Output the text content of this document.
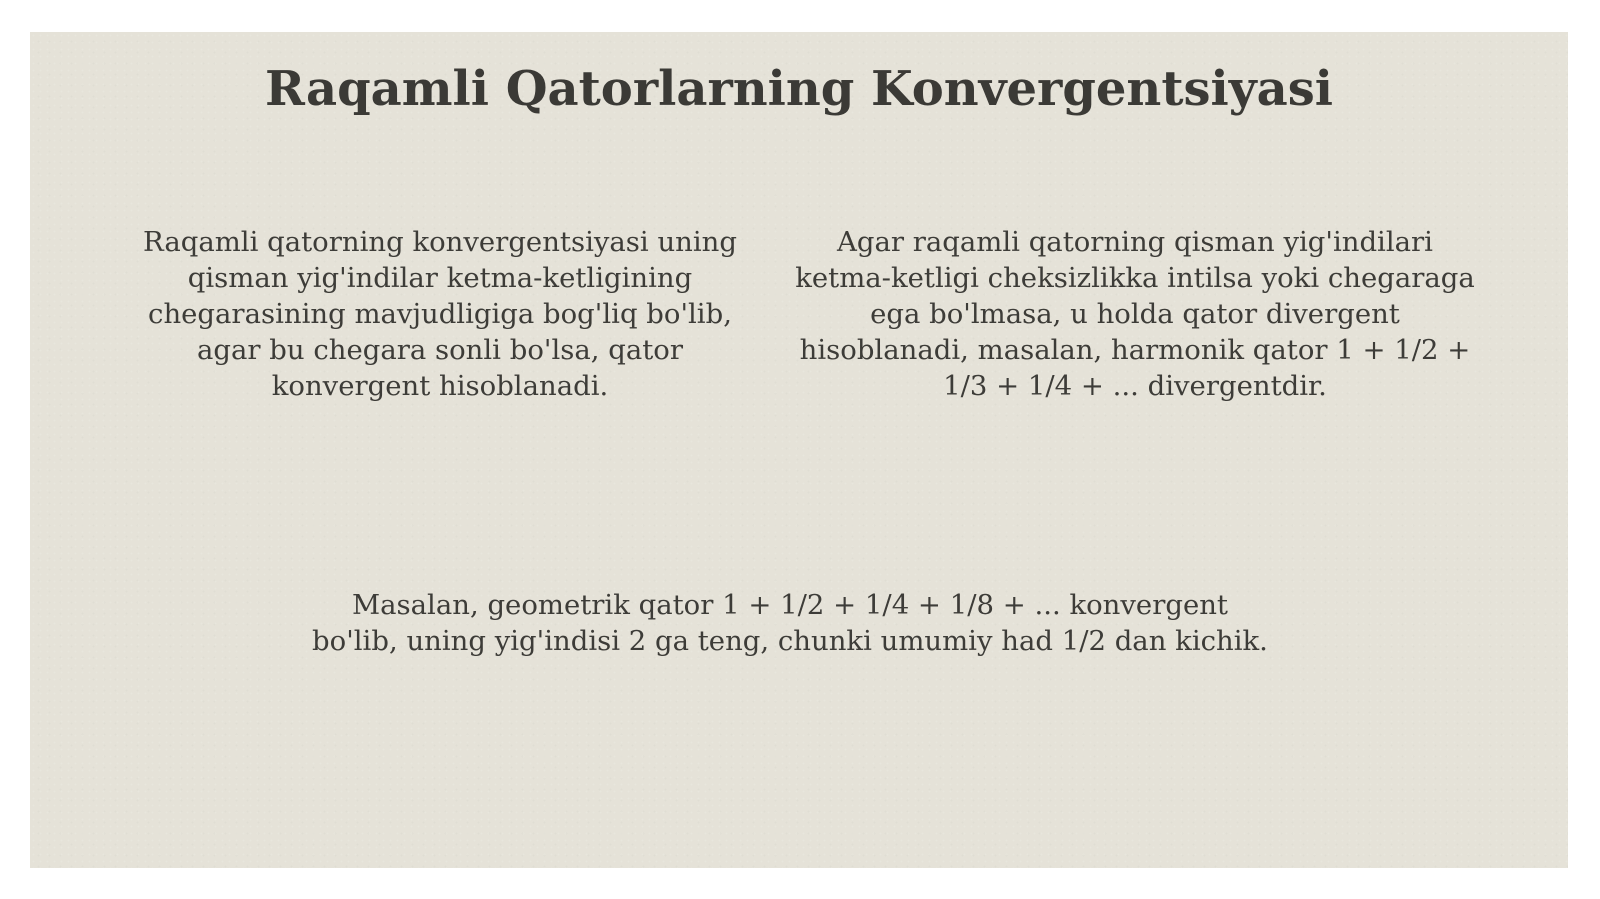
Raqamli Qatorlarning Konvergentsiyasi

Raqamli qatorning konvergentsiyasi uning qisman yig'indilar ketma-ketligining chegarasining mavjudligiga bog'liq bo'lib, agar bu chegara sonli bo'lsa, qator konvergent hisoblanadi.

Agar raqamli qatorning qisman yig'indilari ketma-ketligi cheksizlikka intilsa yoki chegaraga ega bo'lmasa, u holda qator divergent hisoblanadi, masalan, harmonik qator 1 + 1/2 + 1/3 + 1/4 + ... divergentdir.

Masalan, geometrik qator 1 + 1/2 + 1/4 + 1/8 + ... konvergent bo'lib, uning yig'indisi 2 ga teng, chunki umumiy had 1/2 dan kichik.
